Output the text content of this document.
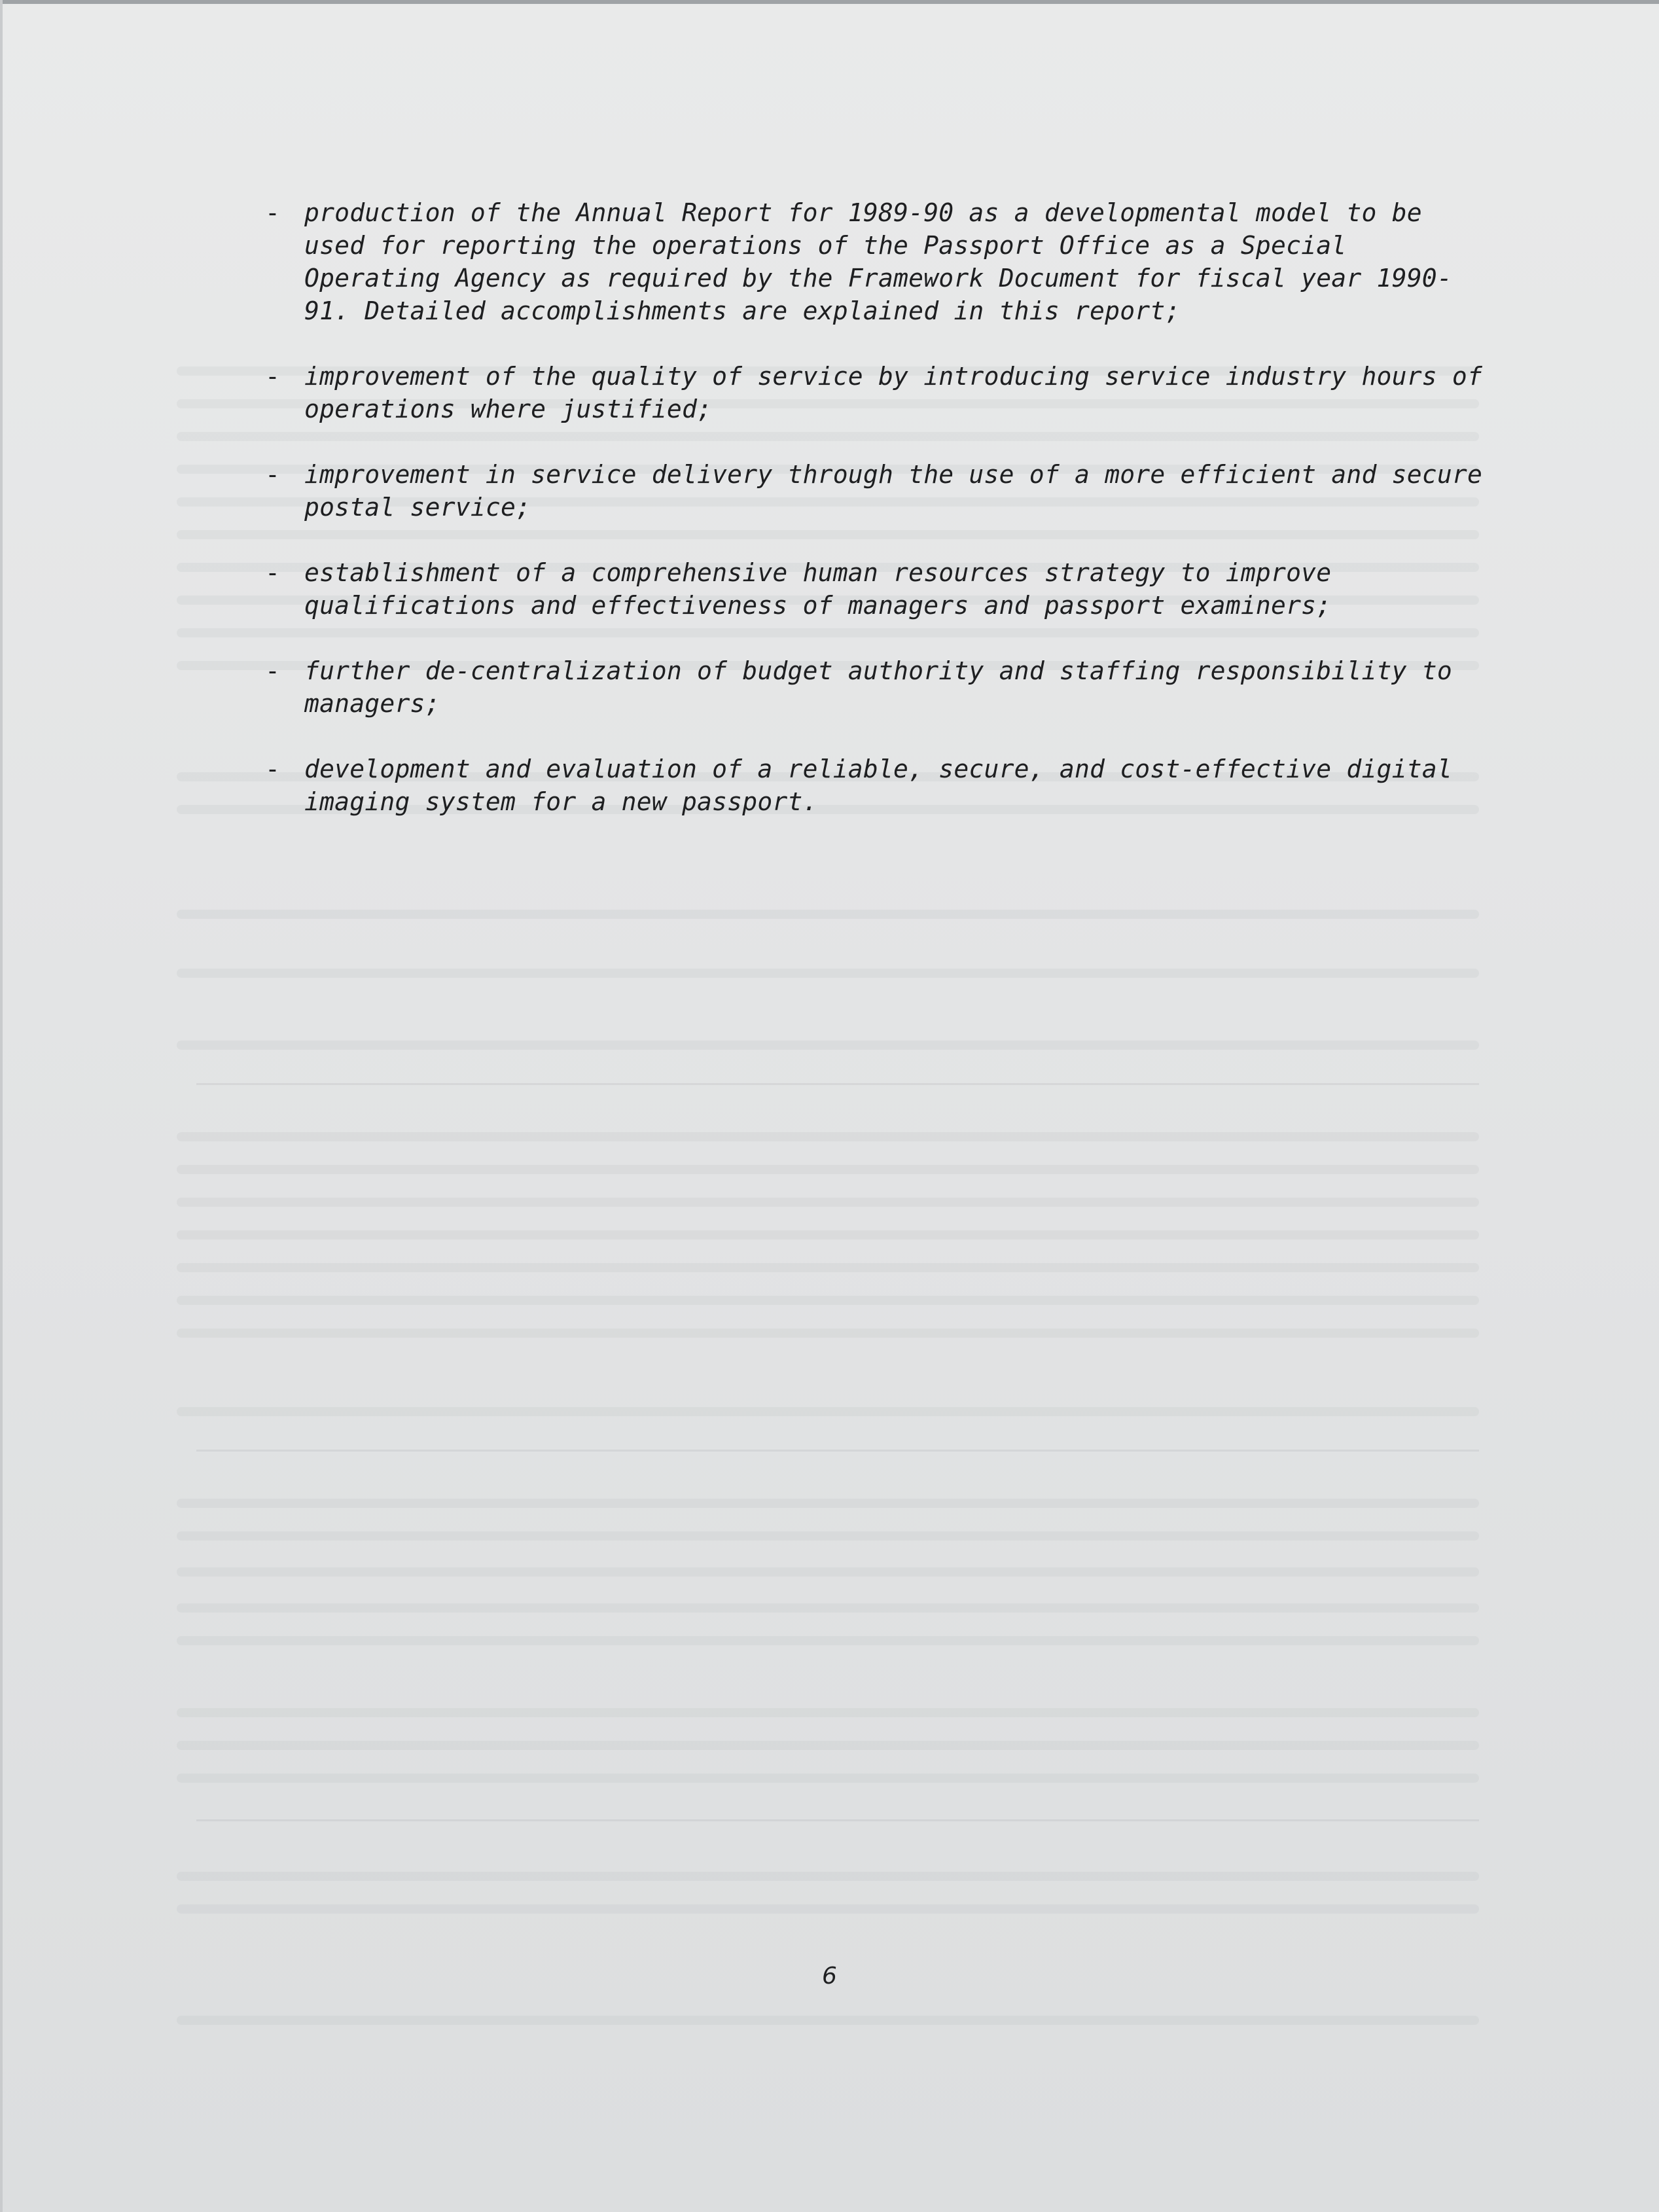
- production of the Annual Report for 1989-90 as a developmental model to be used for reporting the operations of the Passport Office as a Special Operating Agency as required by the Framework Document for fiscal year 1990-91. Detailed accomplishments are explained in this report;
- improvement of the quality of service by introducing service industry hours of operations where justified;
- improvement in service delivery through the use of a more efficient and secure postal service;
- establishment of a comprehensive human resources strategy to improve qualifications and effectiveness of managers and passport examiners;
- further de-centralization of budget authority and staffing responsibility to managers;
- development and evaluation of a reliable, secure, and cost-effective digital imaging system for a new passport.
6
